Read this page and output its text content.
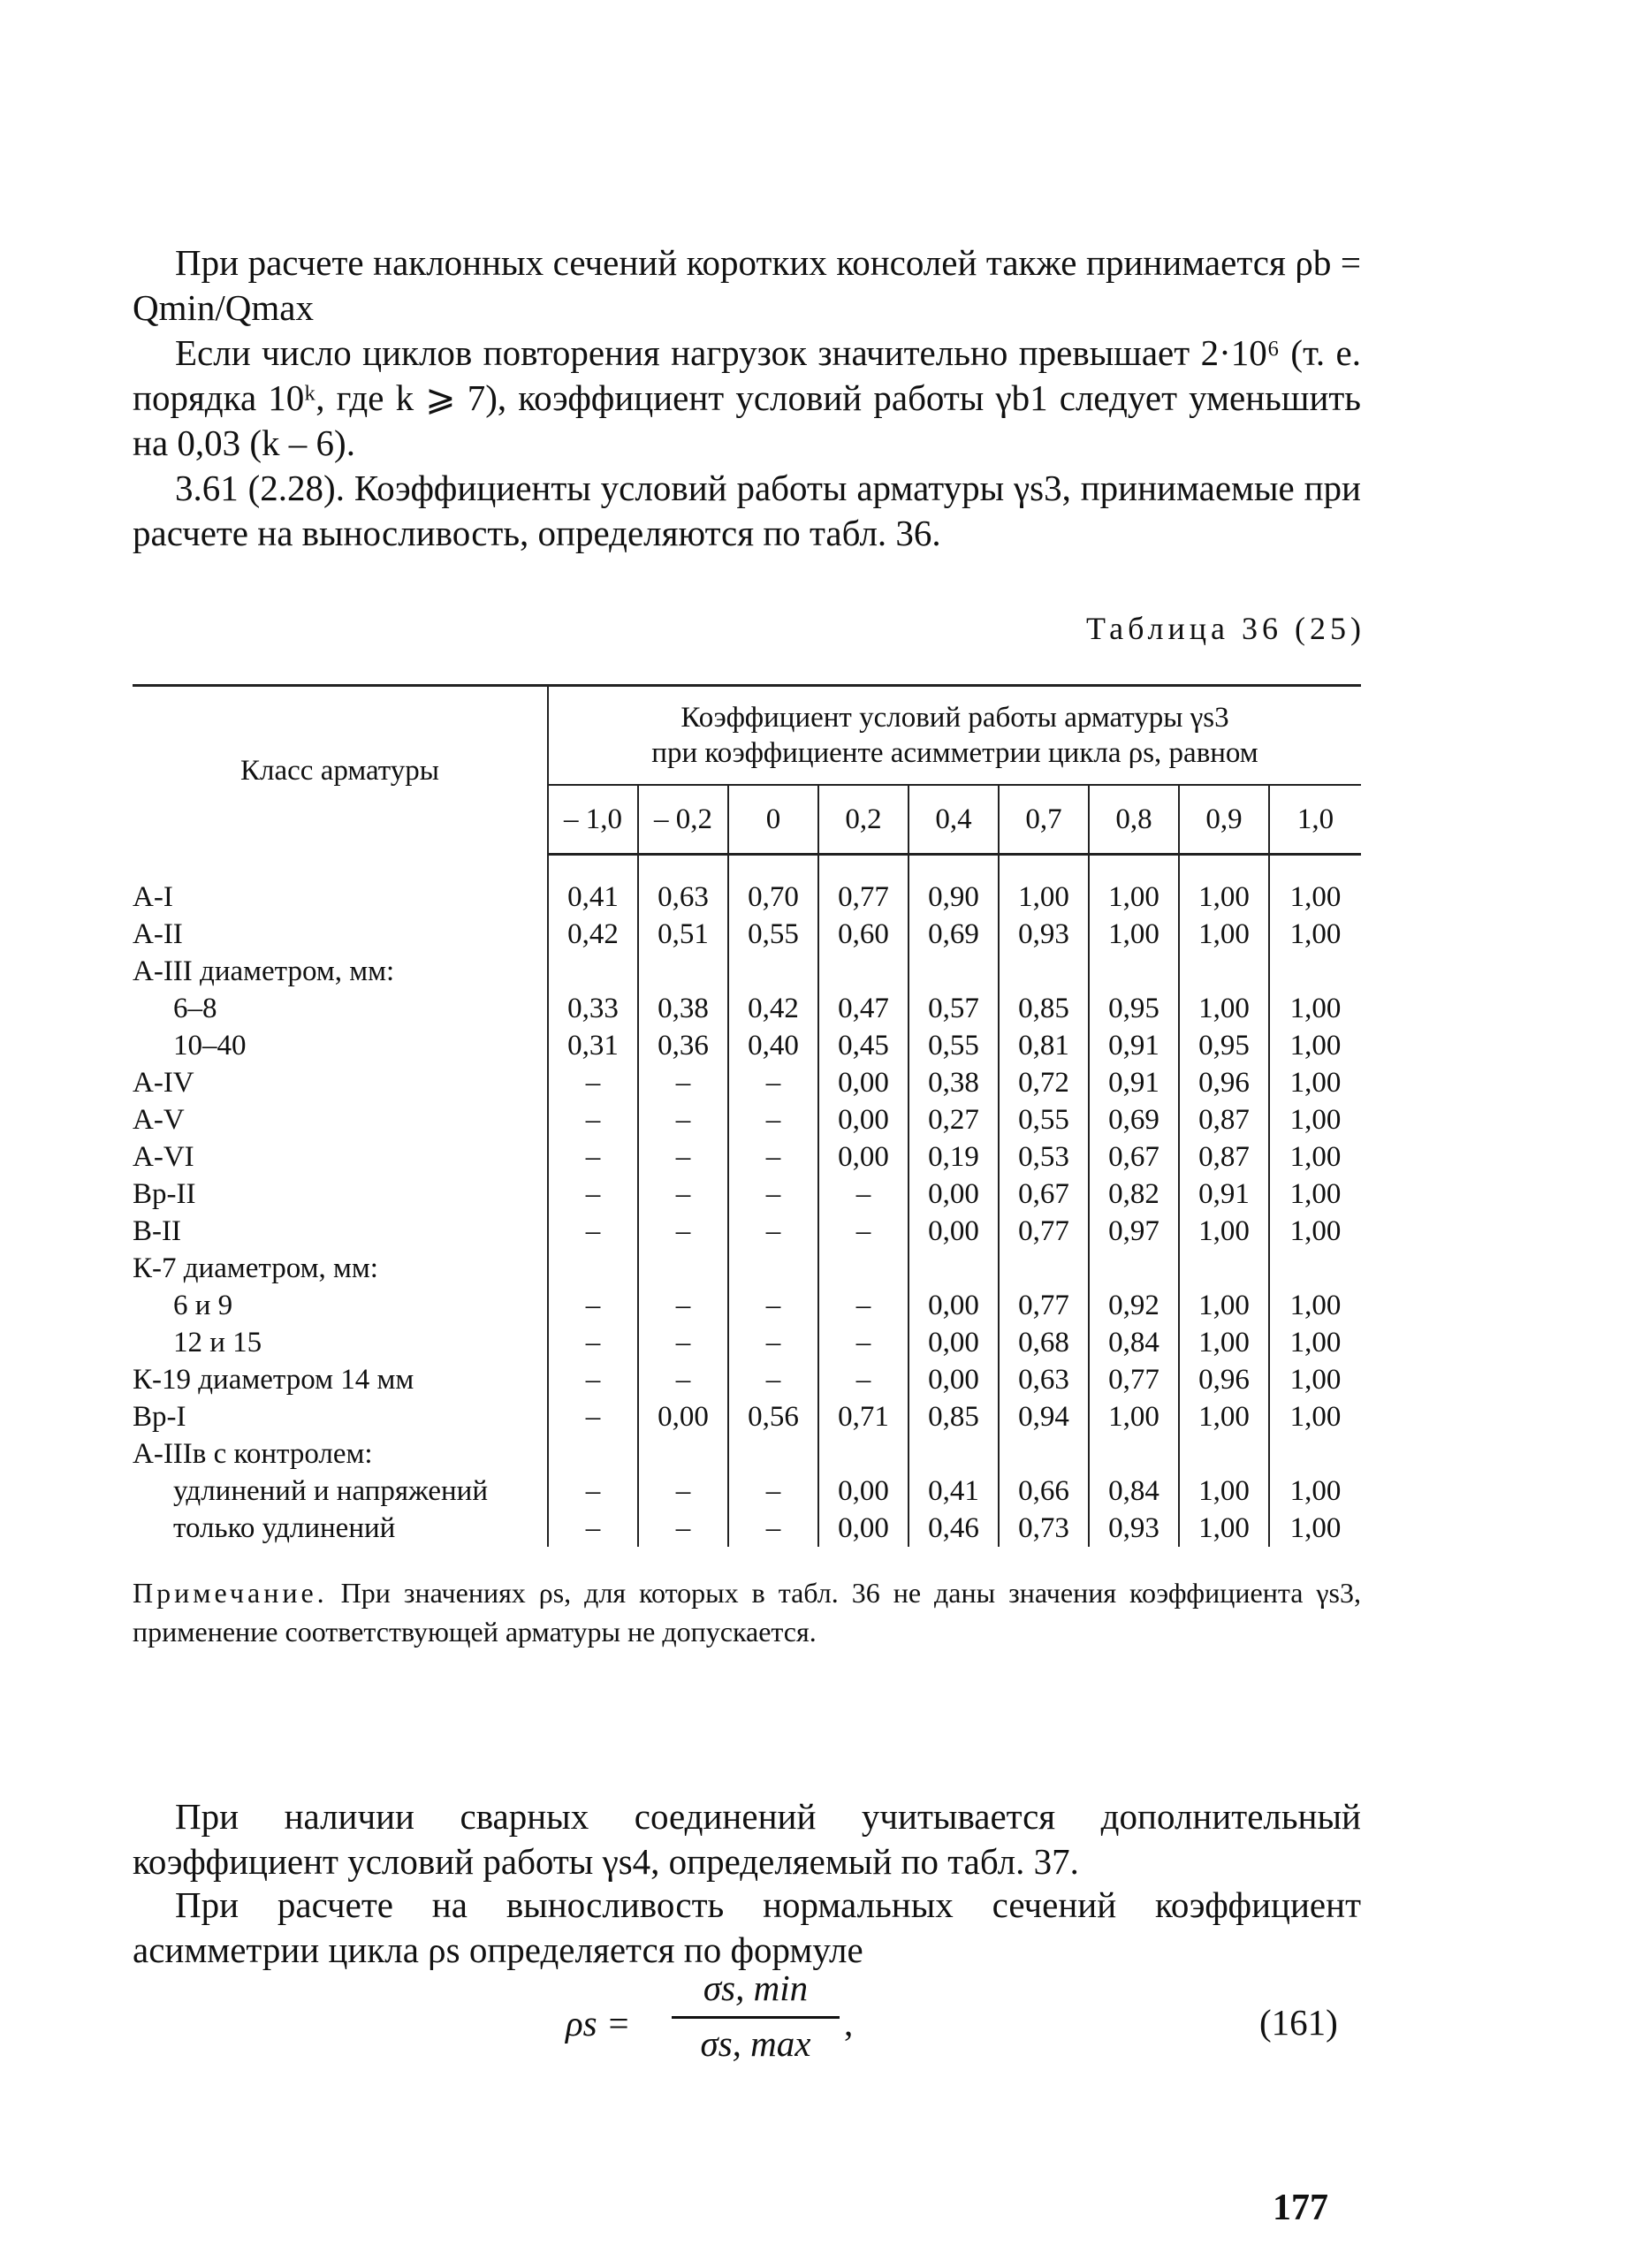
При расчете наклонных сечений коротких консолей также принимается ρb = Qmin/Qmax
Если число циклов повторения нагрузок значительно превышает 2·10⁶ (т. е. порядка 10ᵏ, где k ⩾ 7), коэффициент условий работы γb1 следует уменьшить на 0,03 (k – 6).
3.61 (2.28). Коэффициенты условий работы арматуры γs3, принимаемые при расчете на выносливость, определяются по табл. 36.
Таблица 36 (25)
Класс арматуры	Коэффициент условий работы арматуры γs3
при коэффициенте асимметрии цикла ρs, равном								

	– 1,0	– 0,2	0	0,2	0,4	0,7	0,8	0,9	1,0

A-I	0,41	0,63	0,70	0,77	0,90	1,00	1,00	1,00	1,00
A-II	0,42	0,51	0,55	0,60	0,69	0,93	1,00	1,00	1,00
A-III диаметром, мм:									
6–8	0,33	0,38	0,42	0,47	0,57	0,85	0,95	1,00	1,00
10–40	0,31	0,36	0,40	0,45	0,55	0,81	0,91	0,95	1,00
A-IV	–	–	–	0,00	0,38	0,72	0,91	0,96	1,00
A-V	–	–	–	0,00	0,27	0,55	0,69	0,87	1,00
A-VI	–	–	–	0,00	0,19	0,53	0,67	0,87	1,00
Вр-II	–	–	–	–	0,00	0,67	0,82	0,91	1,00
В-II	–	–	–	–	0,00	0,77	0,97	1,00	1,00
К-7 диаметром, мм:									
6 и 9	–	–	–	–	0,00	0,77	0,92	1,00	1,00
12 и 15	–	–	–	–	0,00	0,68	0,84	1,00	1,00
К-19 диаметром 14 мм	–	–	–	–	0,00	0,63	0,77	0,96	1,00
Вр-I	–	0,00	0,56	0,71	0,85	0,94	1,00	1,00	1,00
A-IIIв с контролем:									
удлинений и напряжений	–	–	–	0,00	0,41	0,66	0,84	1,00	1,00
только удлинений	–	–	–	0,00	0,46	0,73	0,93	1,00	1,00
Примечание. При значениях ρs, для которых в табл. 36 не даны значения коэффициента γs3, применение соответствующей арматуры не допускается.
При наличии сварных соединений учитывается дополнительный коэффициент условий работы γs4, определяемый по табл. 37.
При расчете на выносливость нормальных сечений коэффициент асимметрии цикла ρs определяется по формуле
ρs =
σs, min
σs, max ,	(161)
177
